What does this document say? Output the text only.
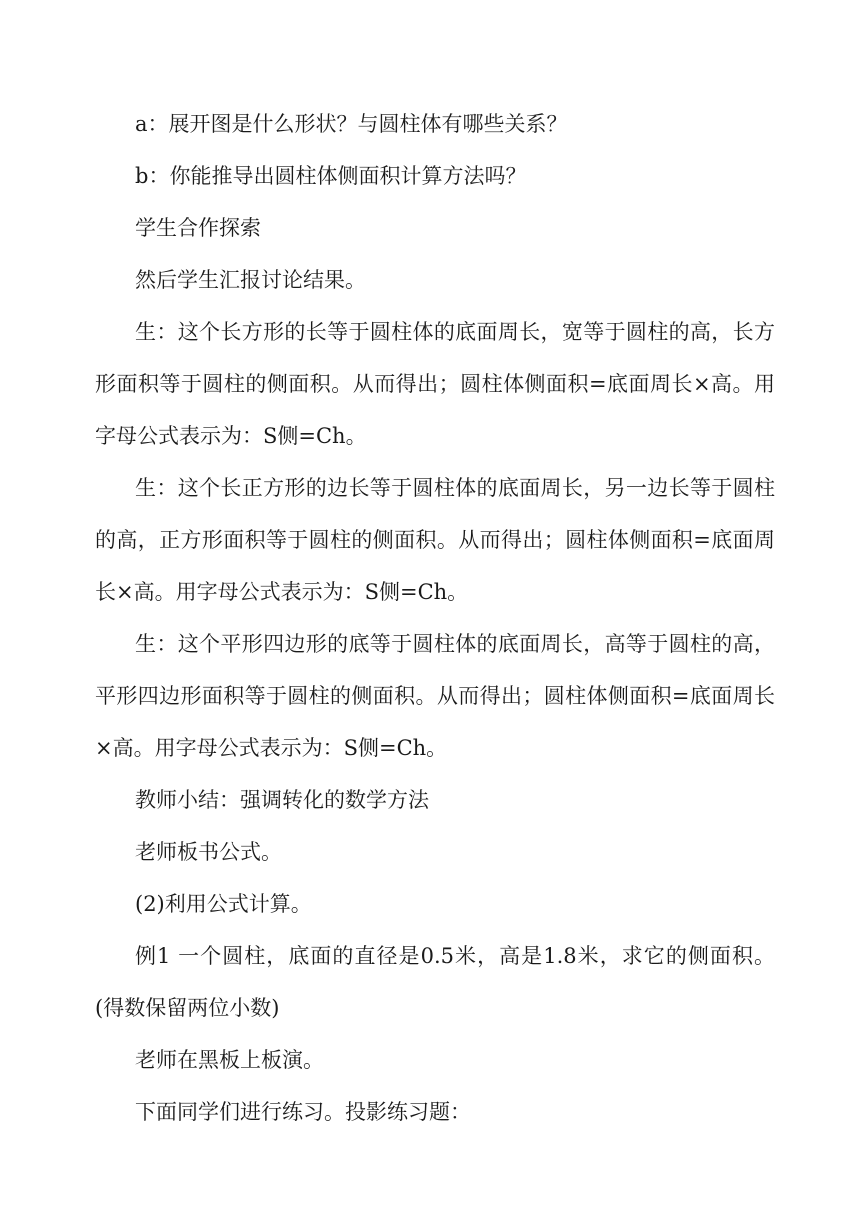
a：展开图是什么形状？与圆柱体有哪些关系？

b：你能推导出圆柱体侧面积计算方法吗？

学生合作探索

然后学生汇报讨论结果。

生：这个长方形的长等于圆柱体的底面周长，宽等于圆柱的高，长方形面积等于圆柱的侧面积。从而得出；圆柱体侧面积=底面周长×高。用字母公式表示为：S侧=Ch。

生：这个长正方形的边长等于圆柱体的底面周长，另一边长等于圆柱的高，正方形面积等于圆柱的侧面积。从而得出；圆柱体侧面积=底面周长×高。用字母公式表示为：S侧=Ch。

生：这个平形四边形的底等于圆柱体的底面周长，高等于圆柱的高，平形四边形面积等于圆柱的侧面积。从而得出；圆柱体侧面积=底面周长×高。用字母公式表示为：S侧=Ch。

教师小结：强调转化的数学方法

老师板书公式。

(2)利用公式计算。

例1 一个圆柱，底面的直径是0.5米，高是1.8米，求它的侧面积。(得数保留两位小数)

老师在黑板上板演。

下面同学们进行练习。投影练习题：
